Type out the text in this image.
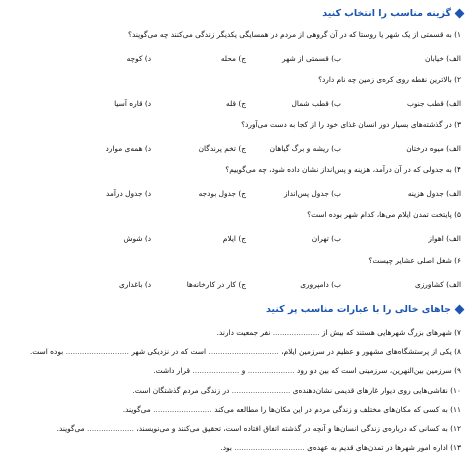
گزینه مناسب را انتخاب کنید
۱) به قسمتی از یک شهر یا روستا که در آن گروهی از مردم در همسایگی یکدیگر زندگی می‌کنند چه می‌گویند؟
الف) خیابان
ب) قسمتی از شهر
ج) محله
د) کوچه
۲) بالاترین نقطه روی کره‌ی زمین چه نام دارد؟
الف) قطب جنوب
ب) قطب شمال
ج) قله
د) قاره آسیا
۳) در گذشته‌های بسیار دور انسان غذای خود را از کجا به دست می‌آورد؟
الف) میوه درختان
ب) ریشه و برگ گیاهان
ج) تخم پرندگان
د) همه‌ی موارد
۴) به جدولی که در آن درآمد، هزینه و پس‌انداز نشان داده شود، چه می‌گوییم؟
الف) جدول هزینه
ب) جدول پس‌انداز
ج) جدول بودجه
د) جدول درآمد
۵) پایتخت تمدن ایلام می‌ها، کدام شهر بوده است؟
الف) اهواز
ب) تهران
ج) ایلام
د) شوش
۶) شغل اصلی عشایر چیست؟
الف) کشاورزی
ب) دامپروری
ج) کار در کارخانه‌ها
د) باغداری
جاهای خالی را با عبارات مناسب پر کنید
۷) شهرهای بزرگ شهرهایی هستند که بیش از .................... نفر جمعیت دارند.
۸) یکی از پرستشگاه‌های مشهور و عظیم در سرزمین ایلام، .............................. است که در نزدیکی شهر ........................... بوده است.
۹) سرزمین بین‌النهرین، سرزمینی است که بین دو رود .................... و .................... قرار داشت.
۱۰) نقاشی‌هایی روی دیوار غارهای قدیمی نشان‌دهنده‌ی ......................... در زندگی مردم گذشتگان است.
۱۱) به کسی که مکان‌های مختلف و زندگی مردم در این مکان‌ها را مطالعه می‌کند ......................... می‌گویند.
۱۲) به کسانی که درباره‌ی زندگی انسان‌ها و آنچه در گذشته اتفاق افتاده است، تحقیق می‌کنند و می‌نویسند، .................... می‌گویند.
۱۳) اداره امور شهرها در تمدن‌های قدیم به عهده‌ی .............................. بود.
